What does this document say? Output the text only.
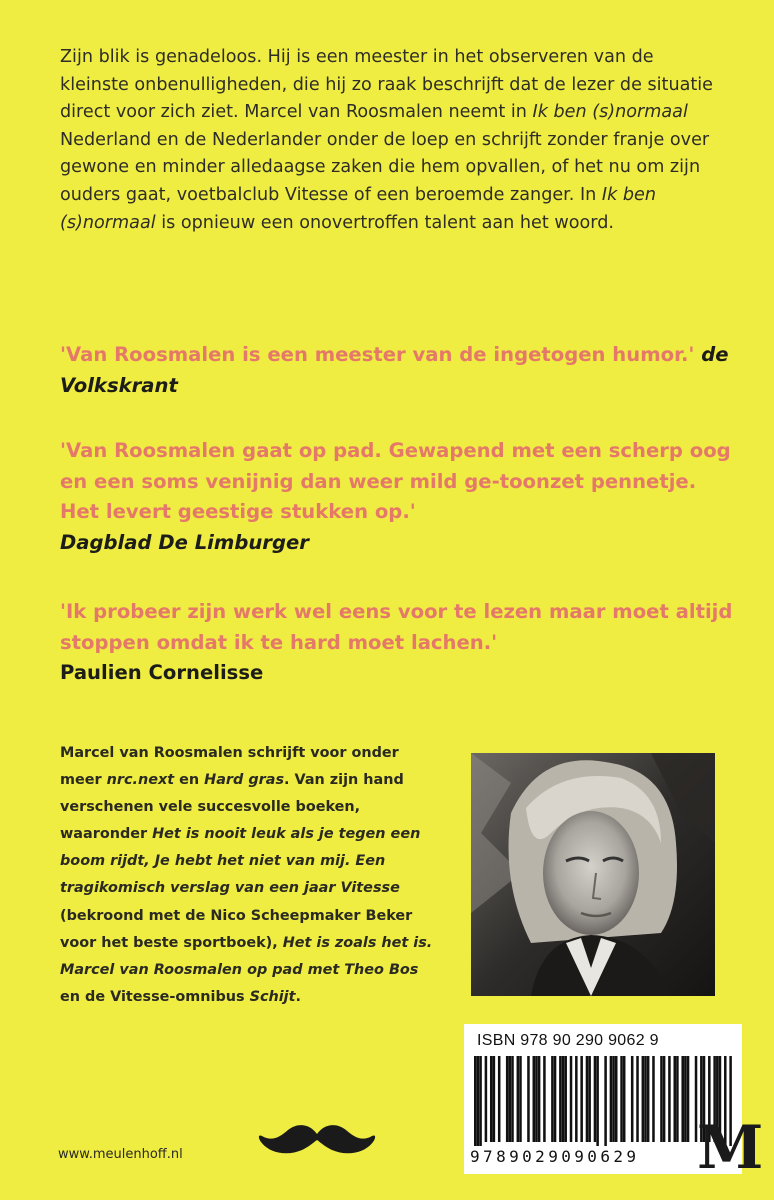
Zijn blik is genadeloos. Hij is een meester in het observeren van de kleinste onbenulligheden, die hij zo raak beschrijft dat de lezer de situatie direct voor zich ziet. Marcel van Roosmalen neemt in Ik ben (s)normaal Nederland en de Nederlander onder de loep en schrijft zonder franje over gewone en minder alledaagse zaken die hem opvallen, of het nu om zijn ouders gaat, voetbalclub Vitesse of een beroemde zanger. In Ik ben (s)normaal is opnieuw een onovertroffen talent aan het woord.

'Van Roosmalen is een meester van de ingetogen humor.' de Volkskrant
'Van Roosmalen gaat op pad. Gewapend met een scherp oog en een soms venijnig dan weer mild ge-toonzet pennetje. Het levert geestige stukken op.'
Dagblad De Limburger
'Ik probeer zijn werk wel eens voor te lezen maar moet altijd stoppen omdat ik te hard moet lachen.'
Paulien Cornelisse

Marcel van Roosmalen schrijft voor onder meer nrc.next en Hard gras. Van zijn hand verschenen vele succesvolle boeken, waaronder Het is nooit leuk als je tegen een boom rijdt, Je hebt het niet van mij. Een tragikomisch verslag van een jaar Vitesse (bekroond met de Nico Scheepmaker Beker voor het beste sportboek), Het is zoals het is. Marcel van Roosmalen op pad met Theo Bos en de Vitesse-omnibus Schijt.

ISBN 978 90 290 9062 9
9789029090629
www.meulenhoff.nl	M
